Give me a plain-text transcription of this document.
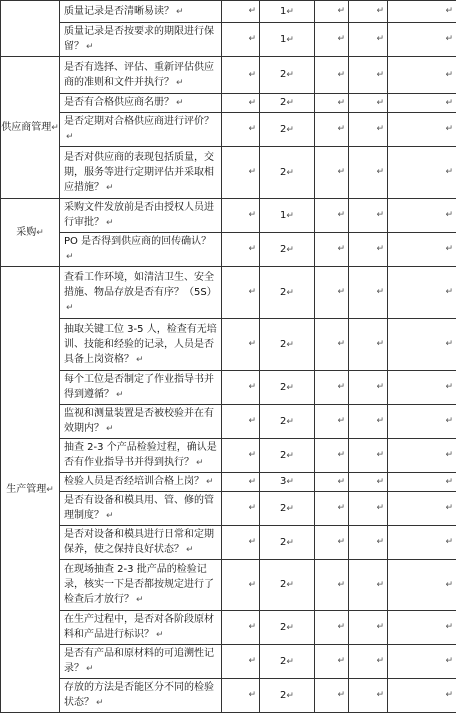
	质量记录是否清晰易读？ ↵	↵	1↵	↵	↵	↵

	质量记录是否按要求的期限进行保留？ ↵	↵	1↵	↵	↵	↵

供应商管理↵	是否有选择、评估、重新评估供应商的准则和文件并执行？ ↵	↵	2↵	↵	↵	↵

	是否有合格供应商名册？ ↵	↵	2↵	↵	↵	↵

	是否定期对合格供应商进行评价？↵	↵	2↵	↵	↵	↵

	是否对供应商的表现包括质量，交期，服务等进行定期评估并采取相应措施？ ↵	↵	2↵	↵	↵	↵

采购↵	采购文件发放前是否由授权人员进行审批？ ↵	↵	1↵	↵	↵	↵

	PO 是否得到供应商的回传确认？↵	↵	2↵	↵	↵	↵

生产管理↵	查看工作环境，如清洁卫生、安全措施、物品存放是否有序？（5S）↵	↵	2↵	↵	↵	↵

	抽取关键工位 3-5 人，检查有无培训、技能和经验的记录，人员是否具备上岗资格？ ↵	↵	2↵	↵	↵	↵

	每个工位是否制定了作业指导书并得到遵循？ ↵	↵	2↵	↵	↵	↵

	监视和测量装置是否被校验并在有效期内？ ↵	↵	2↵	↵	↵	↵

	抽查 2-3 个产品检验过程，确认是否有作业指导书并得到执行？ ↵	↵	2↵	↵	↵	↵

	检验人员是否经培训合格上岗？ ↵	↵	3↵	↵	↵	↵

	是否有设备和模具用、管、修的管理制度？ ↵	↵	2↵	↵	↵	↵

	是否对设备和模具进行日常和定期保养，使之保持良好状态？ ↵	↵	2↵	↵	↵	↵

	在现场抽查 2-3 批产品的检验记录，核实一下是否都按规定进行了检查后才放行？ ↵	↵	2↵	↵	↵	↵

	在生产过程中，是否对各阶段原材料和产品进行标识？ ↵	↵	2↵	↵	↵	↵

	是否有产品和原材料的可追溯性记录？ ↵	↵	2↵	↵	↵	↵

	存放的方法是否能区分不同的检验状态？ ↵	↵	2↵	↵	↵	↵
